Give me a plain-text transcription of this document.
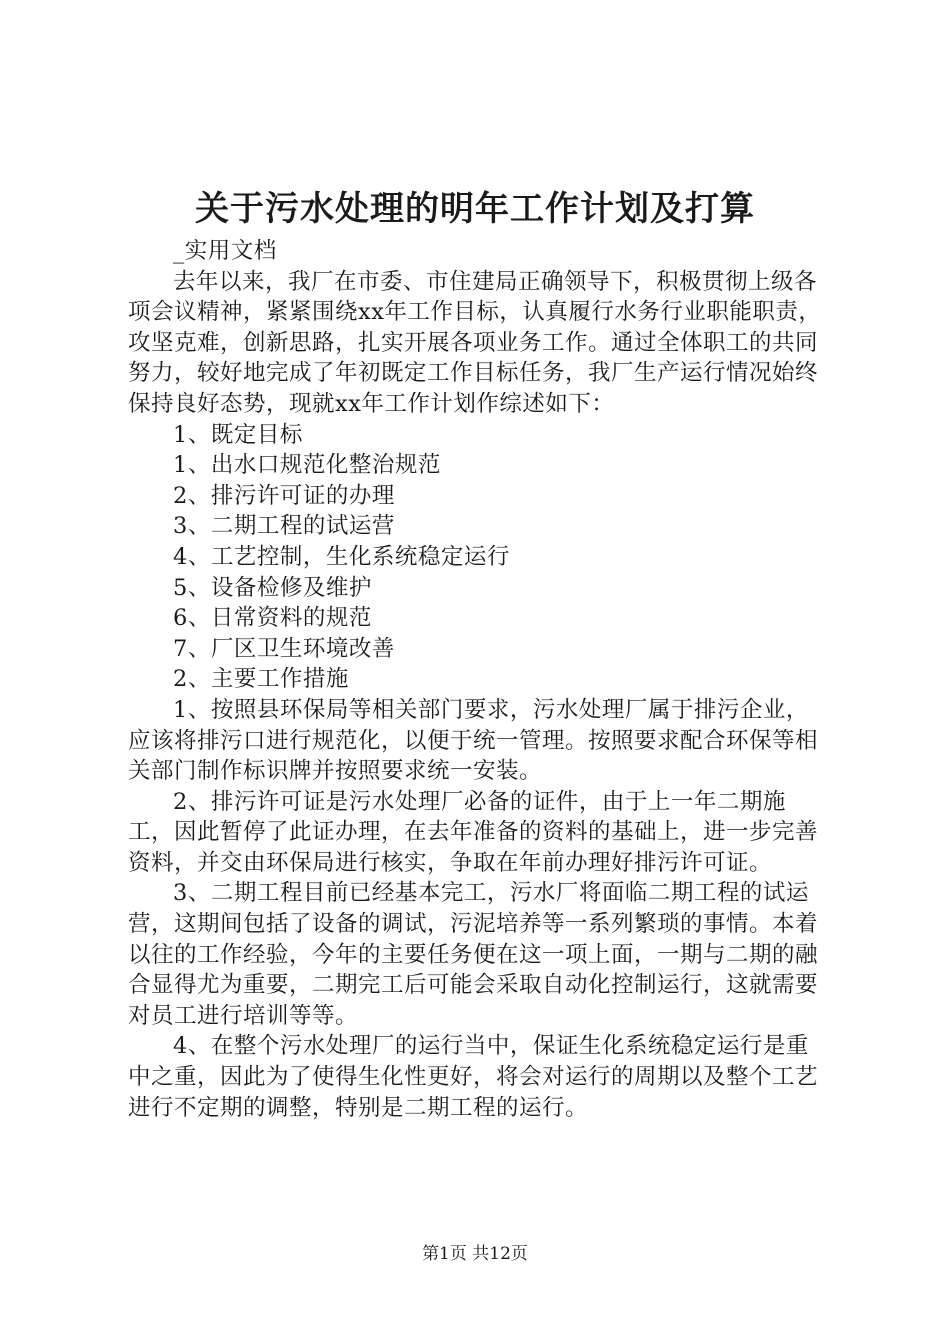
关于污水处理的明年工作计划及打算

_实用文档

去年以来，我厂在市委、市住建局正确领导下，积极贯彻上级各项会议精神，紧紧围绕xx年工作目标，认真履行水务行业职能职责，攻坚克难，创新思路，扎实开展各项业务工作。通过全体职工的共同努力，较好地完成了年初既定工作目标任务，我厂生产运行情况始终保持良好态势，现就xx年工作计划作综述如下：

1、既定目标

1、出水口规范化整治规范

2、排污许可证的办理

3、二期工程的试运营

4、工艺控制，生化系统稳定运行

5、设备检修及维护

6、日常资料的规范

7、厂区卫生环境改善

2、主要工作措施

1、按照县环保局等相关部门要求，污水处理厂属于排污企业，应该将排污口进行规范化，以便于统一管理。按照要求配合环保等相关部门制作标识牌并按照要求统一安装。

2、排污许可证是污水处理厂必备的证件，由于上一年二期施工，因此暂停了此证办理，在去年准备的资料的基础上，进一步完善资料，并交由环保局进行核实，争取在年前办理好排污许可证。

3、二期工程目前已经基本完工，污水厂将面临二期工程的试运营，这期间包括了设备的调试，污泥培养等一系列繁琐的事情。本着以往的工作经验，今年的主要任务便在这一项上面，一期与二期的融合显得尤为重要，二期完工后可能会采取自动化控制运行，这就需要对员工进行培训等等。

4、在整个污水处理厂的运行当中，保证生化系统稳定运行是重中之重，因此为了使得生化性更好，将会对运行的周期以及整个工艺进行不定期的调整，特别是二期工程的运行。

第1页 共12页
